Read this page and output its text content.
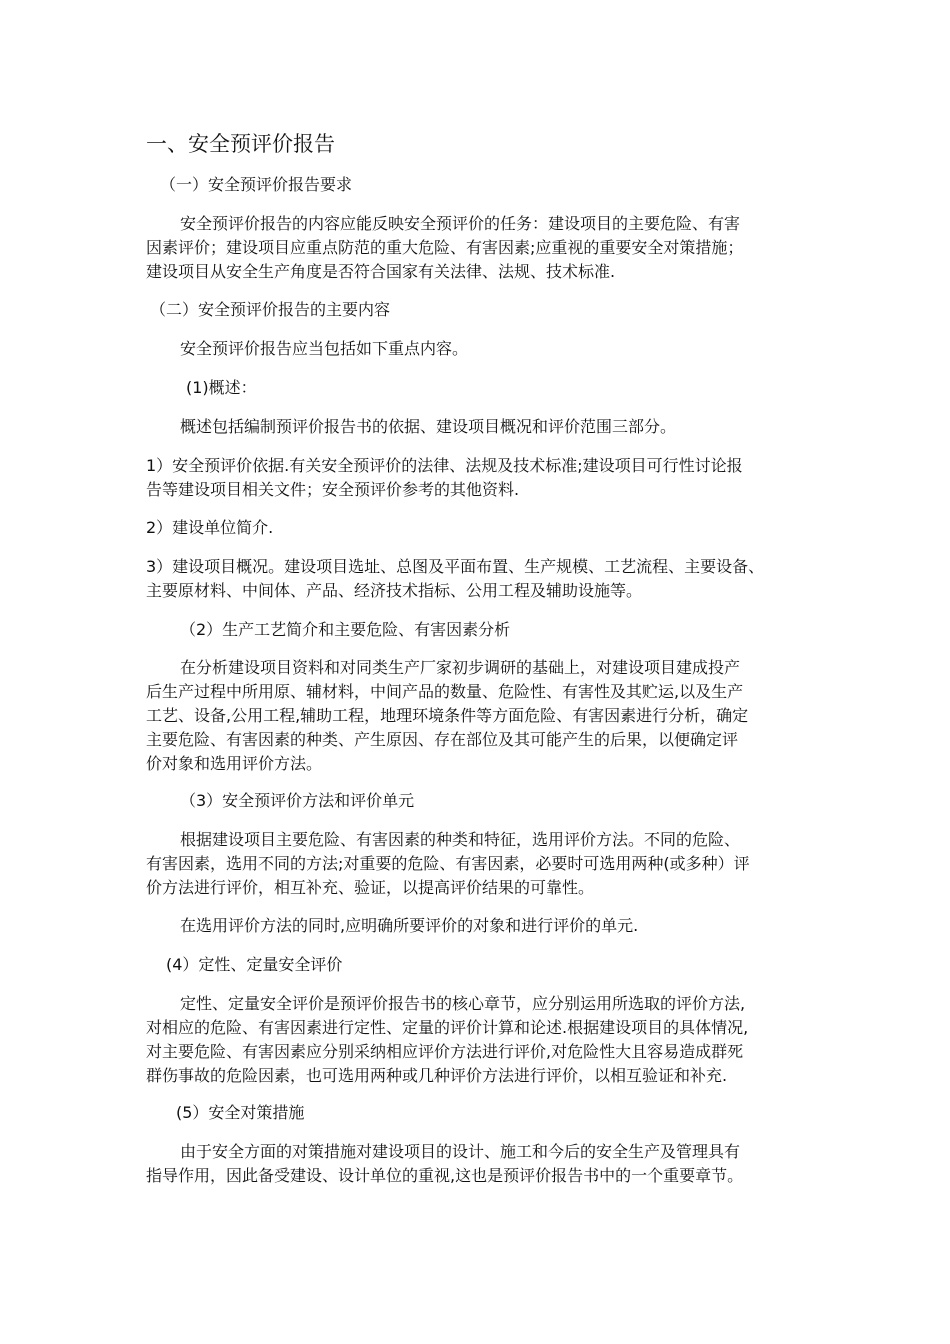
一、安全预评价报告
（一）安全预评价报告要求
安全预评价报告的内容应能反映安全预评价的任务：建设项目的主要危险、有害
因素评价；建设项目应重点防范的重大危险、有害因素;应重视的重要安全对策措施；
建设项目从安全生产角度是否符合国家有关法律、法规、技术标准.
（二）安全预评价报告的主要内容
安全预评价报告应当包括如下重点内容。
(1)概述：
概述包括编制预评价报告书的依据、建设项目概况和评价范围三部分。
1）安全预评价依据.有关安全预评价的法律、法规及技术标准;建设项目可行性讨论报
告等建设项目相关文件；安全预评价参考的其他资料.
2）建设单位简介.
3）建设项目概况。建设项目选址、总图及平面布置、生产规模、工艺流程、主要设备、
主要原材料、中间体、产品、经济技术指标、公用工程及辅助设施等。
（2）生产工艺简介和主要危险、有害因素分析
在分析建设项目资料和对同类生产厂家初步调研的基础上，对建设项目建成投产
后生产过程中所用原、辅材料，中间产品的数量、危险性、有害性及其贮运,以及生产
工艺、设备,公用工程,辅助工程，地理环境条件等方面危险、有害因素进行分析，确定
主要危险、有害因素的种类、产生原因、存在部位及其可能产生的后果，以便确定评
价对象和选用评价方法。
（3）安全预评价方法和评价单元
根据建设项目主要危险、有害因素的种类和特征，选用评价方法。不同的危险、
有害因素，选用不同的方法;对重要的危险、有害因素，必要时可选用两种(或多种）评
价方法进行评价，相互补充、验证，以提高评价结果的可靠性。
在选用评价方法的同时,应明确所要评价的对象和进行评价的单元.
(4）定性、定量安全评价
定性、定量安全评价是预评价报告书的核心章节，应分别运用所选取的评价方法,
对相应的危险、有害因素进行定性、定量的评价计算和论述.根据建设项目的具体情况,
对主要危险、有害因素应分别采纳相应评价方法进行评价,对危险性大且容易造成群死
群伤事故的危险因素，也可选用两种或几种评价方法进行评价，以相互验证和补充.
(5）安全对策措施
由于安全方面的对策措施对建设项目的设计、施工和今后的安全生产及管理具有
指导作用，因此备受建设、设计单位的重视,这也是预评价报告书中的一个重要章节。
